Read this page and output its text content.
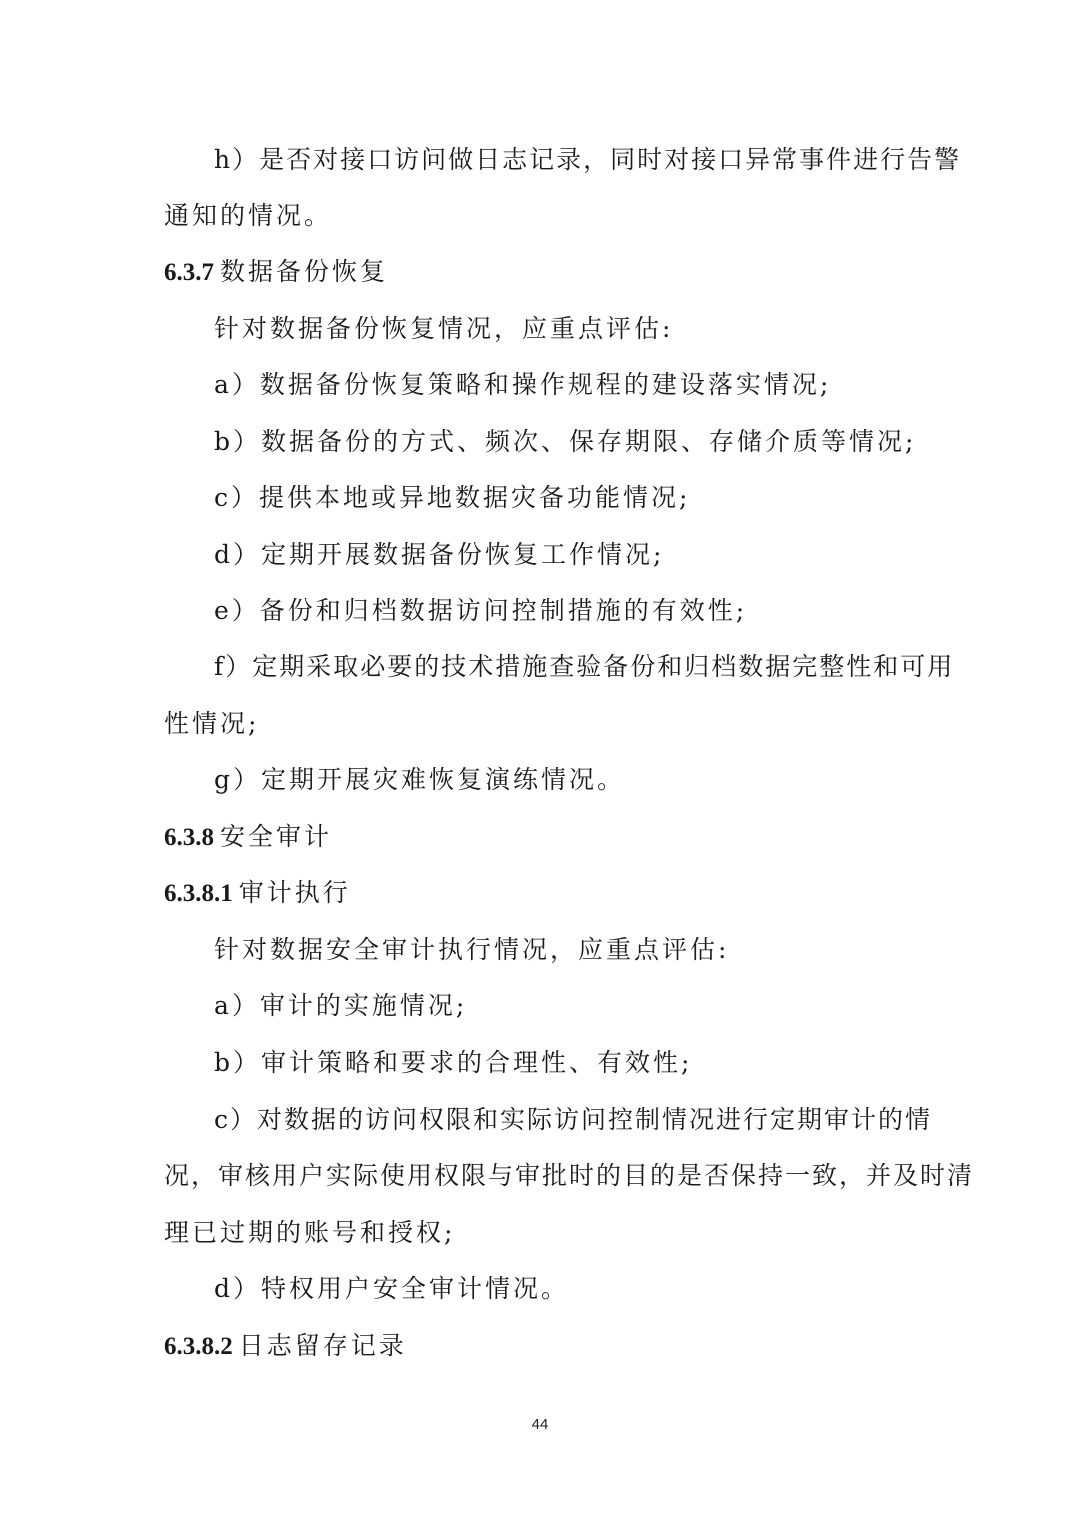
h）是否对接口访问做日志记录，同时对接口异常事件进行告警
通知的情况。
6.3.7 数据备份恢复
针对数据备份恢复情况，应重点评估:
a）数据备份恢复策略和操作规程的建设落实情况;
b）数据备份的方式、频次、保存期限、存储介质等情况;
c）提供本地或异地数据灾备功能情况;
d）定期开展数据备份恢复工作情况;
e）备份和归档数据访问控制措施的有效性;
f）定期采取必要的技术措施查验备份和归档数据完整性和可用
性情况;
g）定期开展灾难恢复演练情况。
6.3.8 安全审计
6.3.8.1 审计执行
针对数据安全审计执行情况，应重点评估:
a）审计的实施情况;
b）审计策略和要求的合理性、有效性;
c）对数据的访问权限和实际访问控制情况进行定期审计的情
况，审核用户实际使用权限与审批时的目的是否保持一致，并及时清
理已过期的账号和授权;
d）特权用户安全审计情况。
6.3.8.2 日志留存记录
44
